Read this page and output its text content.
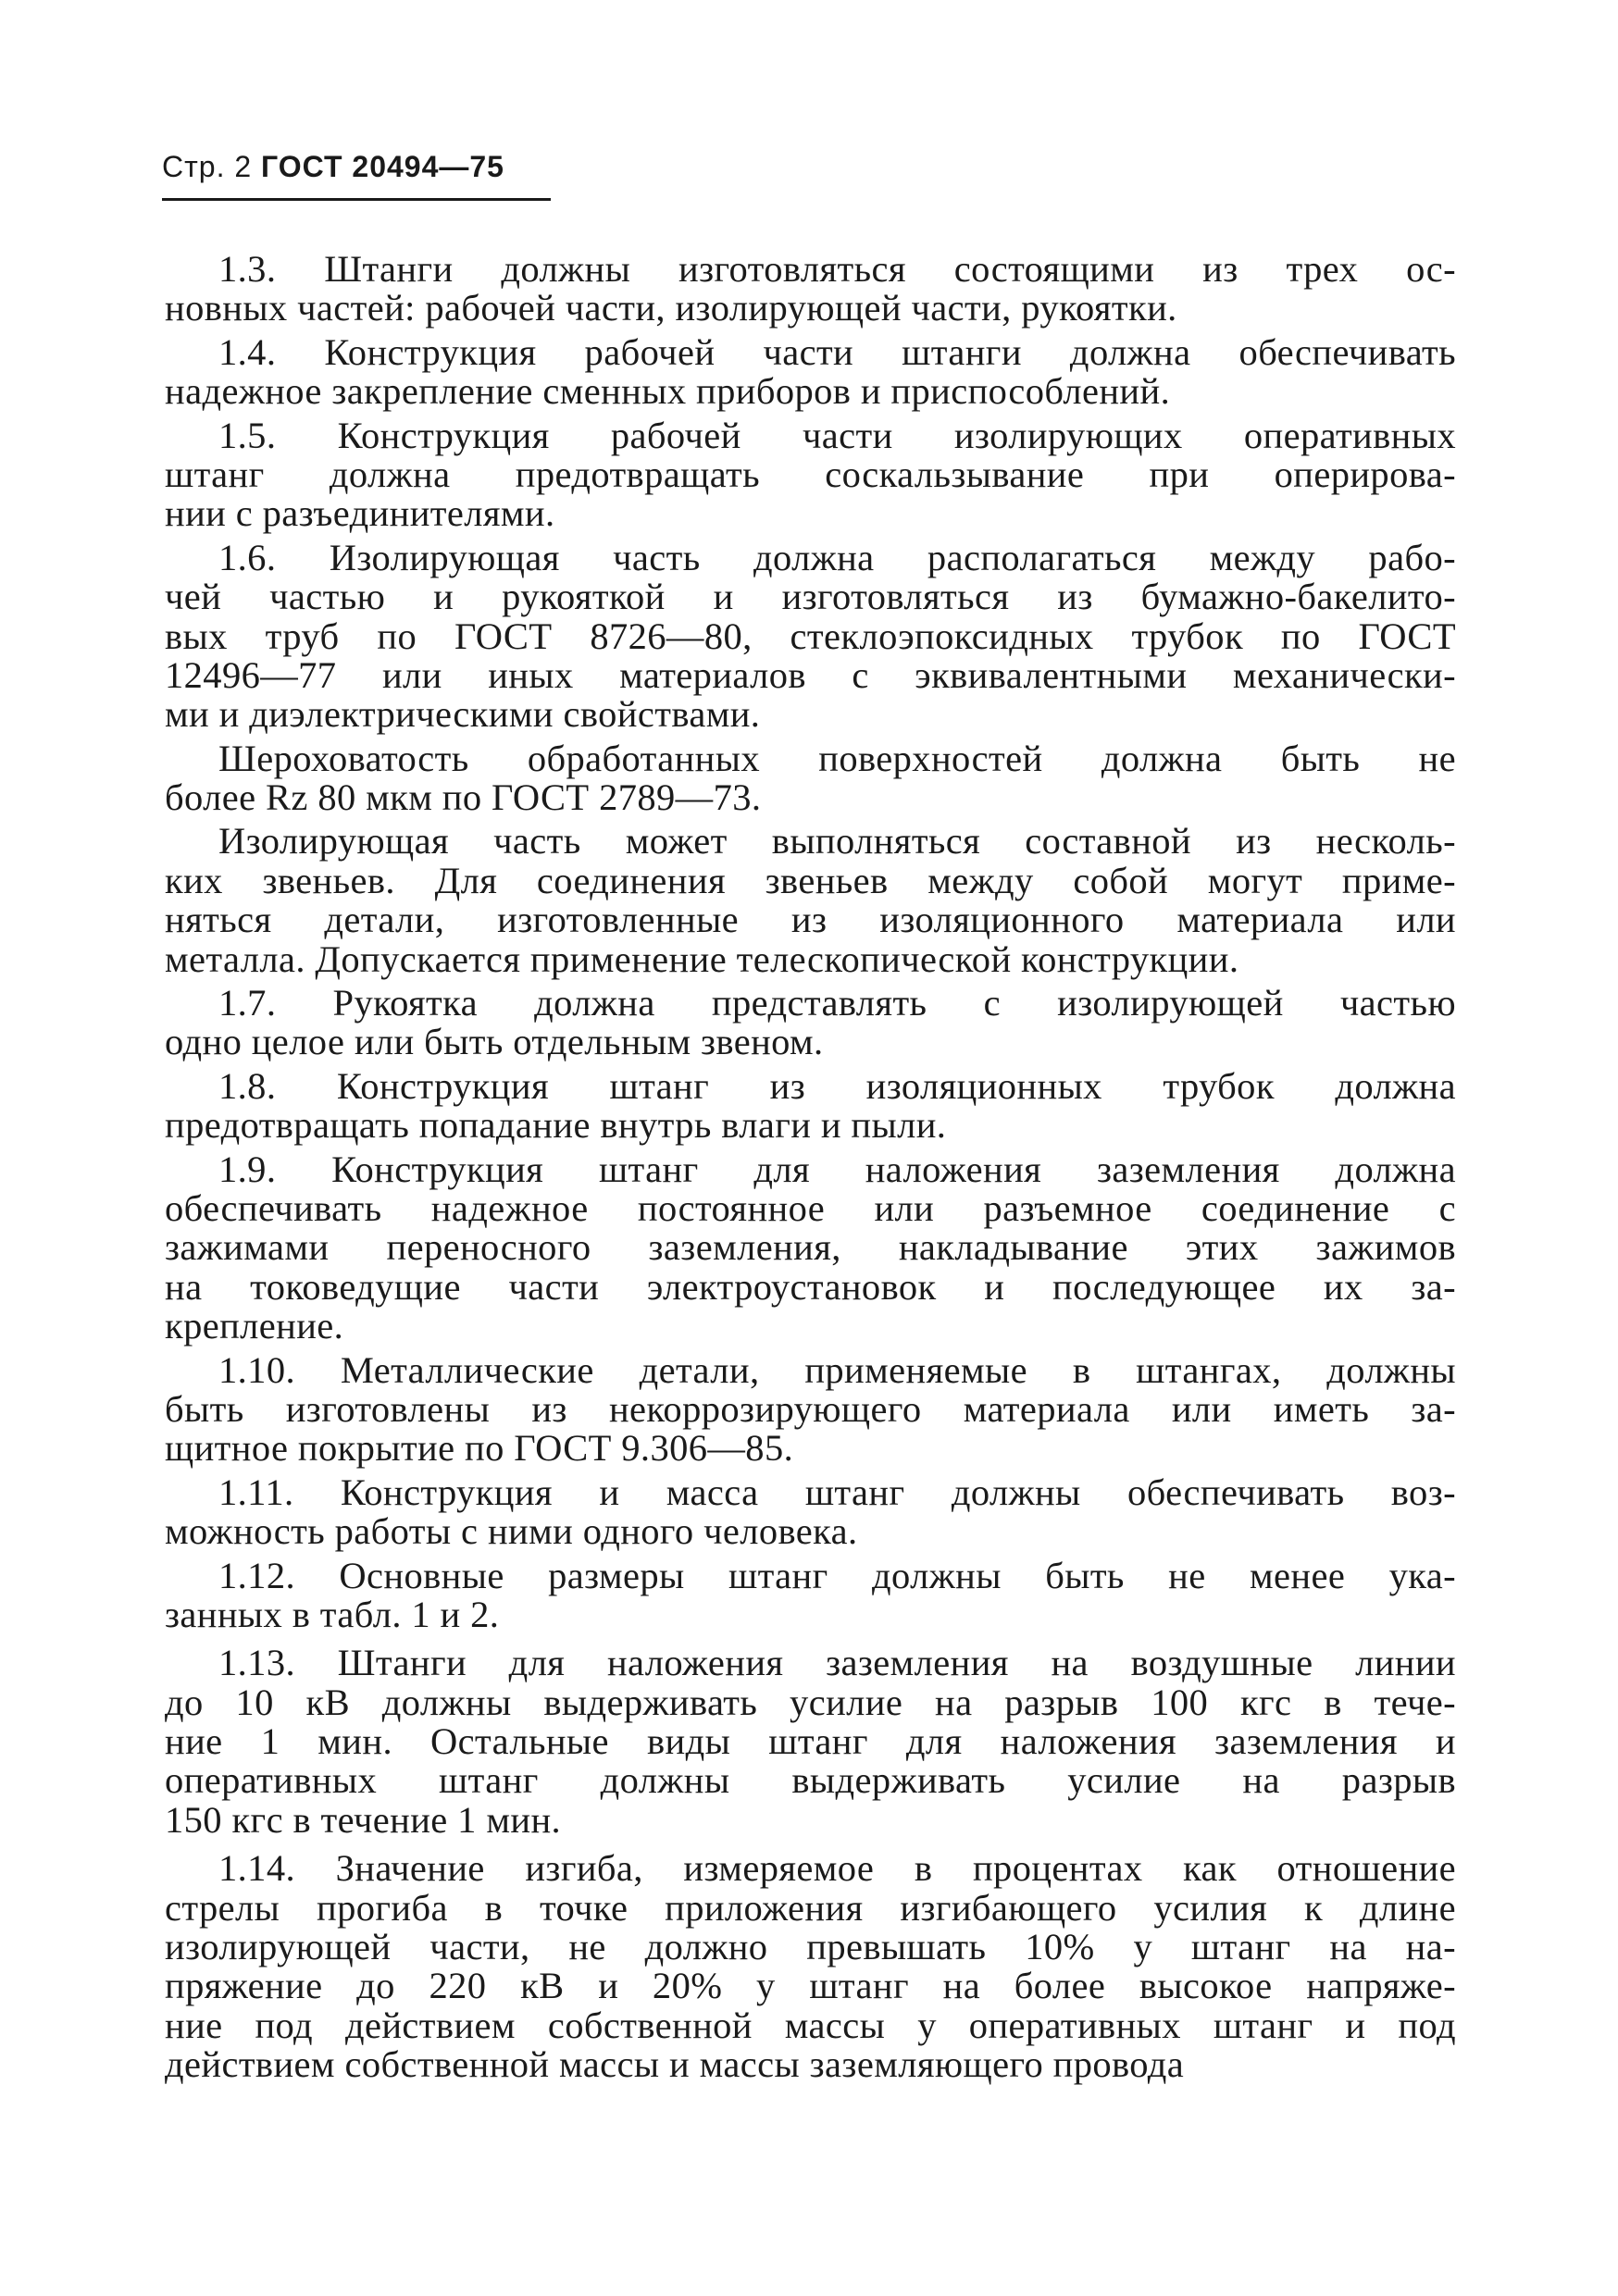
Стр. 2 ГОСТ 20494—75
1.3. Штанги должны изготовляться состоящими из трех ос-
новных частей: рабочей части, изолирующей части, рукоятки.
1.4. Конструкция рабочей части штанги должна обеспечивать
надежное закрепление сменных приборов и приспособлений.
1.5. Конструкция рабочей части изолирующих оперативных
штанг должна предотвращать соскальзывание при оперирова-
нии с разъединителями.
1.6. Изолирующая часть должна располагаться между рабо-
чей частью и рукояткой и изготовляться из бумажно-бакелито-
вых труб по ГОСТ 8726—80, стеклоэпоксидных трубок по ГОСТ
12496—77 или иных материалов с эквивалентными механически-
ми и диэлектрическими свойствами.
Шероховатость обработанных поверхностей должна быть не
более Rz 80 мкм по ГОСТ 2789—73.
Изолирующая часть может выполняться составной из несколь-
ких звеньев. Для соединения звеньев между собой могут приме-
няться детали, изготовленные из изоляционного материала или
металла. Допускается применение телескопической конструкции.
1.7. Рукоятка должна представлять с изолирующей частью
одно целое или быть отдельным звеном.
1.8. Конструкция штанг из изоляционных трубок должна
предотвращать попадание внутрь влаги и пыли.
1.9. Конструкция штанг для наложения заземления должна
обеспечивать надежное постоянное или разъемное соединение с
зажимами переносного заземления, накладывание этих зажимов
на токоведущие части электроустановок и последующее их за-
крепление.
1.10. Металлические детали, применяемые в штангах, должны
быть изготовлены из некоррозирующего материала или иметь за-
щитное покрытие по ГОСТ 9.306—85.
1.11. Конструкция и масса штанг должны обеспечивать воз-
можность работы с ними одного человека.
1.12. Основные размеры штанг должны быть не менее ука-
занных в табл. 1 и 2.
1.13. Штанги для наложения заземления на воздушные линии
до 10 кВ должны выдерживать усилие на разрыв 100 кгс в тече-
ние 1 мин. Остальные виды штанг для наложения заземления и
оперативных штанг должны выдерживать усилие на разрыв
150 кгс в течение 1 мин.
1.14. Значение изгиба, измеряемое в процентах как отношение
стрелы прогиба в точке приложения изгибающего усилия к длине
изолирующей части, не должно превышать 10% у штанг на на-
пряжение до 220 кВ и 20% у штанг на более высокое напряже-
ние под действием собственной массы у оперативных штанг и под
действием собственной массы и массы заземляющего провода
